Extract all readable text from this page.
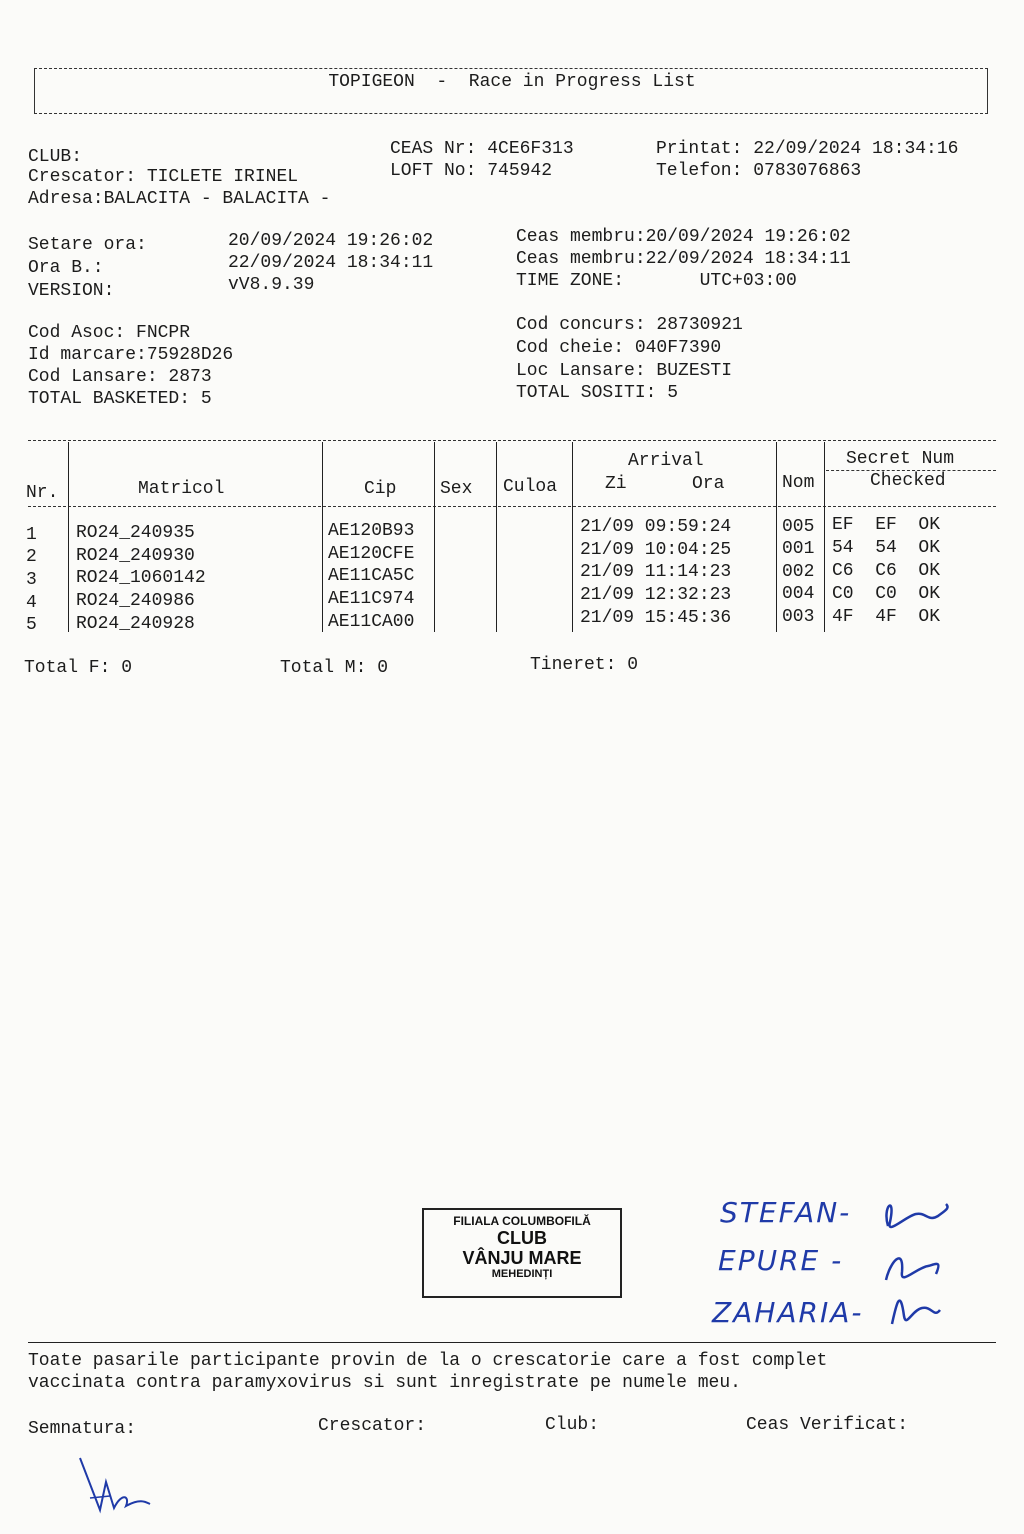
TOPIGEON  -  Race in Progress List
CLUB:
Crescator: TICLETE IRINEL
Adresa:BALACITA - BALACITA -
CEAS Nr: 4CE6F313
LOFT No: 745942
Printat: 22/09/2024 18:34:16
Telefon: 0783076863
Setare ora:	20/09/2024 19:26:02
Ora B.:	22/09/2024 18:34:11
VERSION:	vV8.9.39
Ceas membru:20/09/2024 19:26:02
Ceas membru:22/09/2024 18:34:11
TIME ZONE:       UTC+03:00
Cod Asoc: FNCPR
Id marcare:75928D26
Cod Lansare: 2873
TOTAL BASKETED: 5
Cod concurs: 28730921
Cod cheie: 040F7390
Loc Lansare: BUZESTI
TOTAL SOSITI: 5
Nr.	Matricol	Cip Sex Culoa
Arrival
Zi	Ora	Nom
Secret Num
Checked
1 RO24_240935	AE120B93	21/09 09:59:24	005 EF  EF  OK
2 RO24_240930	AE120CFE	21/09 10:04:25	001 54  54  OK
3 RO24_1060142	AE11CA5C	21/09 11:14:23	002 C6  C6  OK
4 RO24_240986	AE11C974	21/09 12:32:23	004 C0  C0  OK
5 RO24_240928	AE11CA00	21/09 15:45:36	003 4F  4F  OK
Total F: 0	Total M: 0	Tineret: 0
FILIALA COLUMBOFILĂ
CLUB
VÂNJU MARE
MEHEDINȚI
STEFAN-
EPURE -
ZAHARIA-
Toate pasarile participante provin de la o crescatorie care a fost complet
vaccinata contra paramyxovirus si sunt inregistrate pe numele meu.
Semnatura:	Crescator:	Club:	Ceas Verificat:
